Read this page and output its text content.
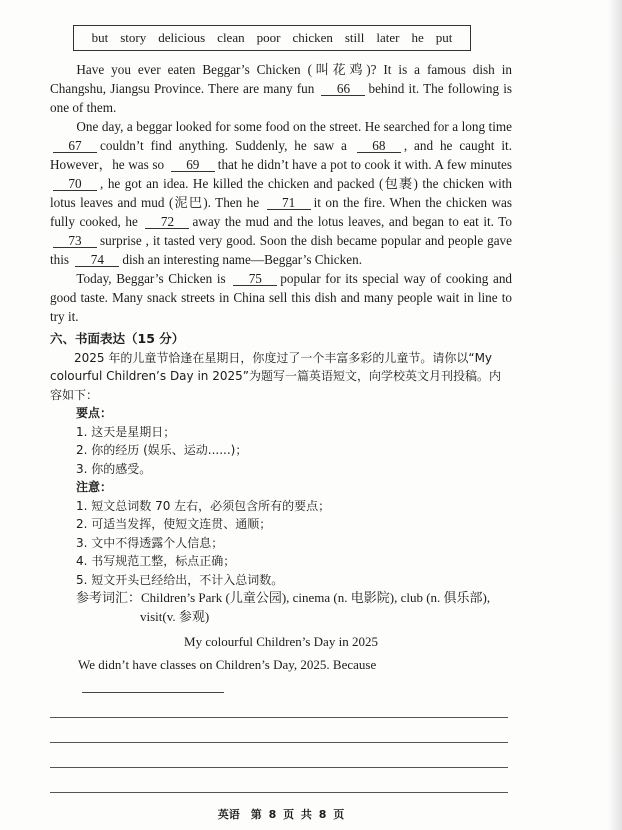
but story delicious clean poor chicken still later he put

Have you ever eaten Beggar’s Chicken (叫花鸡)? It is a famous dish in Changshu, Jiangsu Province. There are many fun 66 behind it. The following is one of them.

One day, a beggar looked for some food on the street. He searched for a long time 67 couldn’t find anything. Suddenly, he saw a 68 , and he caught it. However，he was so 69 that he didn’t have a pot to cook it with. A few minutes 70 , he got an idea. He killed the chicken and packed (包裹) the chicken with lotus leaves and mud (泥巴). Then he 71 it on the fire. When the chicken was fully cooked, he 72 away the mud and the lotus leaves, and began to eat it. To 73 surprise , it tasted very good. Soon the dish became popular and people gave this 74 dish an interesting name—Beggar’s Chicken.

Today, Beggar’s Chicken is 75 popular for its special way of cooking and good taste. Many snack streets in China sell this dish and many people wait in line to try it.

六、书面表达（15 分）
2025 年的儿童节恰逢在星期日，你度过了一个丰富多彩的儿童节。请你以“My colourful Children’s Day in 2025”为题写一篇英语短文，向学校英文月刊投稿。内容如下：
要点：
1. 这天是星期日；
2. 你的经历 (娱乐、运动......)；
3. 你的感受。
注意：
1. 短文总词数 70 左右，必须包含所有的要点；
2. 可适当发挥，使短文连贯、通顺；
3. 文中不得透露个人信息；
4. 书写规范工整，标点正确；
5. 短文开头已经给出，不计入总词数。
参考词汇：Children’s Park (儿童公园), cinema (n. 电影院), club (n. 俱乐部),
visit(v. 参观)
My colourful Children’s Day in 2025
We didn’t have classes on Children’s Day, 2025. Because
英语　第 8 页 共 8 页
